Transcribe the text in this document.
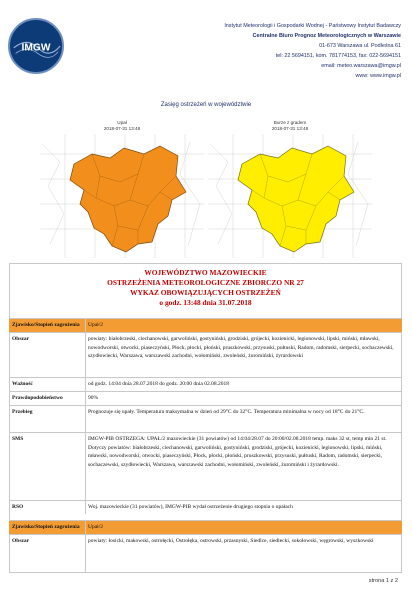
IMGW
Instytut Meteorologii i Gospodarki Wodnej - Państwowy Instytut Badawczy
Centralne Biuro Prognoz Meteorologicznych w Warszawie
01-673 Warszawa ul. Podleśna 61
tel: 22 5694151, kom. 781774153, fax: 022-5694151
email: meteo.warszawa@imgw.pl
www: www.imgw.pl
Zasięg ostrzeżeń w województwie
Upał
2018-07-31 13:48
Burze z gradem
2018-07-31 13:48
WOJEWÓDZTWO MAZOWIECKIE
OSTRZEŻENIA METEOROLOGICZNE ZBIORCZO NR 27
WYKAZ OBOWIĄZUJĄCYCH OSTRZEŻEŃ
o godz. 13:48 dnia 31.07.2018
Zjawisko/Stopień zagrożenia	Upał/2
Obszar	powiaty: białobrzeski, ciechanowski, garwoliński, gostyniński, grodziski, grójecki, kozienicki, legionowski, lipski, miński, mławski, nowodworski, otwocki, piaseczyński, Płock, płocki, płoński, pruszkowski, przysuski, pułtuski, Radom, radomski, sierpecki, sochaczewski, szydłowiecki, Warszawa, warszawski zachodni, wołomiński, zwoleński, żuromiński, żyrardowski
Ważność	od godz. 14:04 dnia 28.07.2018 do godz. 20:00 dnia 02.08.2018
Prawdopodobieństwo	90%
Przebieg	Prognozuje się upały. Temperatura maksymalna w dzień od 29°C do 32°C. Temperatura minimalna w nocy od 18°C do 21°C.
SMS	IMGW-PIB OSTRZEGA: UPAŁ/2 mazowieckie (31 powiatów) od 14:04/28.07 do 20:00/02.08.2018 temp. maks 32 st, temp min 21 st. Dotyczy powiatów: białobrzeski, ciechanowski, garwoliński, gostyniński, grodziski, grójecki, kozienicki, legionowski, lipski, miński, mławski, nowodworski, otwocki, piaseczyński, Płock, płocki, płoński, pruszkowski, przysuski, pułtuski, Radom, radomski, sierpecki, sochaczewski, szydłowiecki, Warszawa, warszawski zachodni, wołomiński, zwoleński, żuromiński i żyrardowski.
RSO	Woj. mazowieckie (31 powiatów), IMGW-PIB wydał ostrzeżenie drugiego stopnia o upałach
Zjawisko/Stopień zagrożenia	Upał/2
Obszar	powiaty: łosicki, makowski, ostrołęcki, Ostrołęka, ostrowski, przasnyski, Siedlce, siedlecki, sokołowski, węgrowski, wyszkowski
strona 1 z 2
